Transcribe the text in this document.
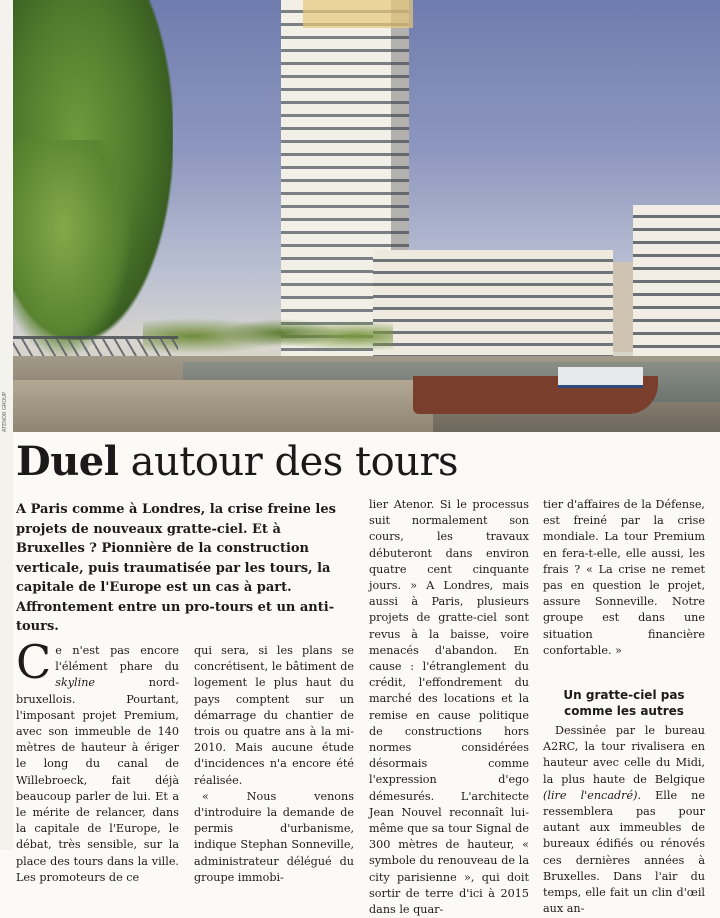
ATENOR GROUP
Duel autour des tours
A Paris comme à Londres, la crise freine les projets de nouveaux gratte-ciel. Et à Bruxelles ? Pionnière de la construction verticale, puis traumatisée par les tours, la capitale de l'Europe est un cas à part. Affrontement entre un pro-tours et un anti-tours.

Ce n'est pas encore l'élément phare du skyline nord-bruxellois. Pourtant, l'imposant projet Premium, avec son immeuble de 140 mètres de hauteur à ériger le long du canal de Willebroeck, fait déjà beaucoup parler de lui. Et a le mérite de relancer, dans la capitale de l'Europe, le débat, très sensible, sur la place des tours dans la ville. Les promoteurs de ce

qui sera, si les plans se concrétisent, le bâtiment de logement le plus haut du pays comptent sur un démarrage du chantier de trois ou quatre ans à la mi-2010. Mais aucune étude d'incidences n'a encore été réalisée.

« Nous venons d'introduire la demande de permis d'urbanisme, indique Stephan Sonneville, administrateur délégué du groupe immobi-

lier Atenor. Si le processus suit normalement son cours, les travaux débuteront dans environ quatre cent cinquante jours. » A Londres, mais aussi à Paris, plusieurs projets de gratte-ciel sont revus à la baisse, voire menacés d'abandon. En cause : l'étranglement du crédit, l'effondrement du marché des locations et la remise en cause politique de constructions hors normes considérées désormais comme l'expression d'ego démesurés. L'architecte Jean Nouvel reconnaît lui-même que sa tour Signal de 300 mètres de hauteur, « symbole du renouveau de la city parisienne », qui doit sortir de terre d'ici à 2015 dans le quar-

tier d'affaires de la Défense, est freiné par la crise mondiale. La tour Premium en fera-t-elle, elle aussi, les frais ? « La crise ne remet pas en question le projet, assure Sonneville. Notre groupe est dans une situation financière confortable. »

Un gratte-ciel pas comme les autres

Dessinée par le bureau A2RC, la tour rivalisera en hauteur avec celle du Midi, la plus haute de Belgique (lire l'encadré). Elle ne ressemblera pas pour autant aux immeubles de bureaux édifiés ou rénovés ces dernières années à Bruxelles. Dans l'air du temps, elle fait un clin d'œil aux an-
